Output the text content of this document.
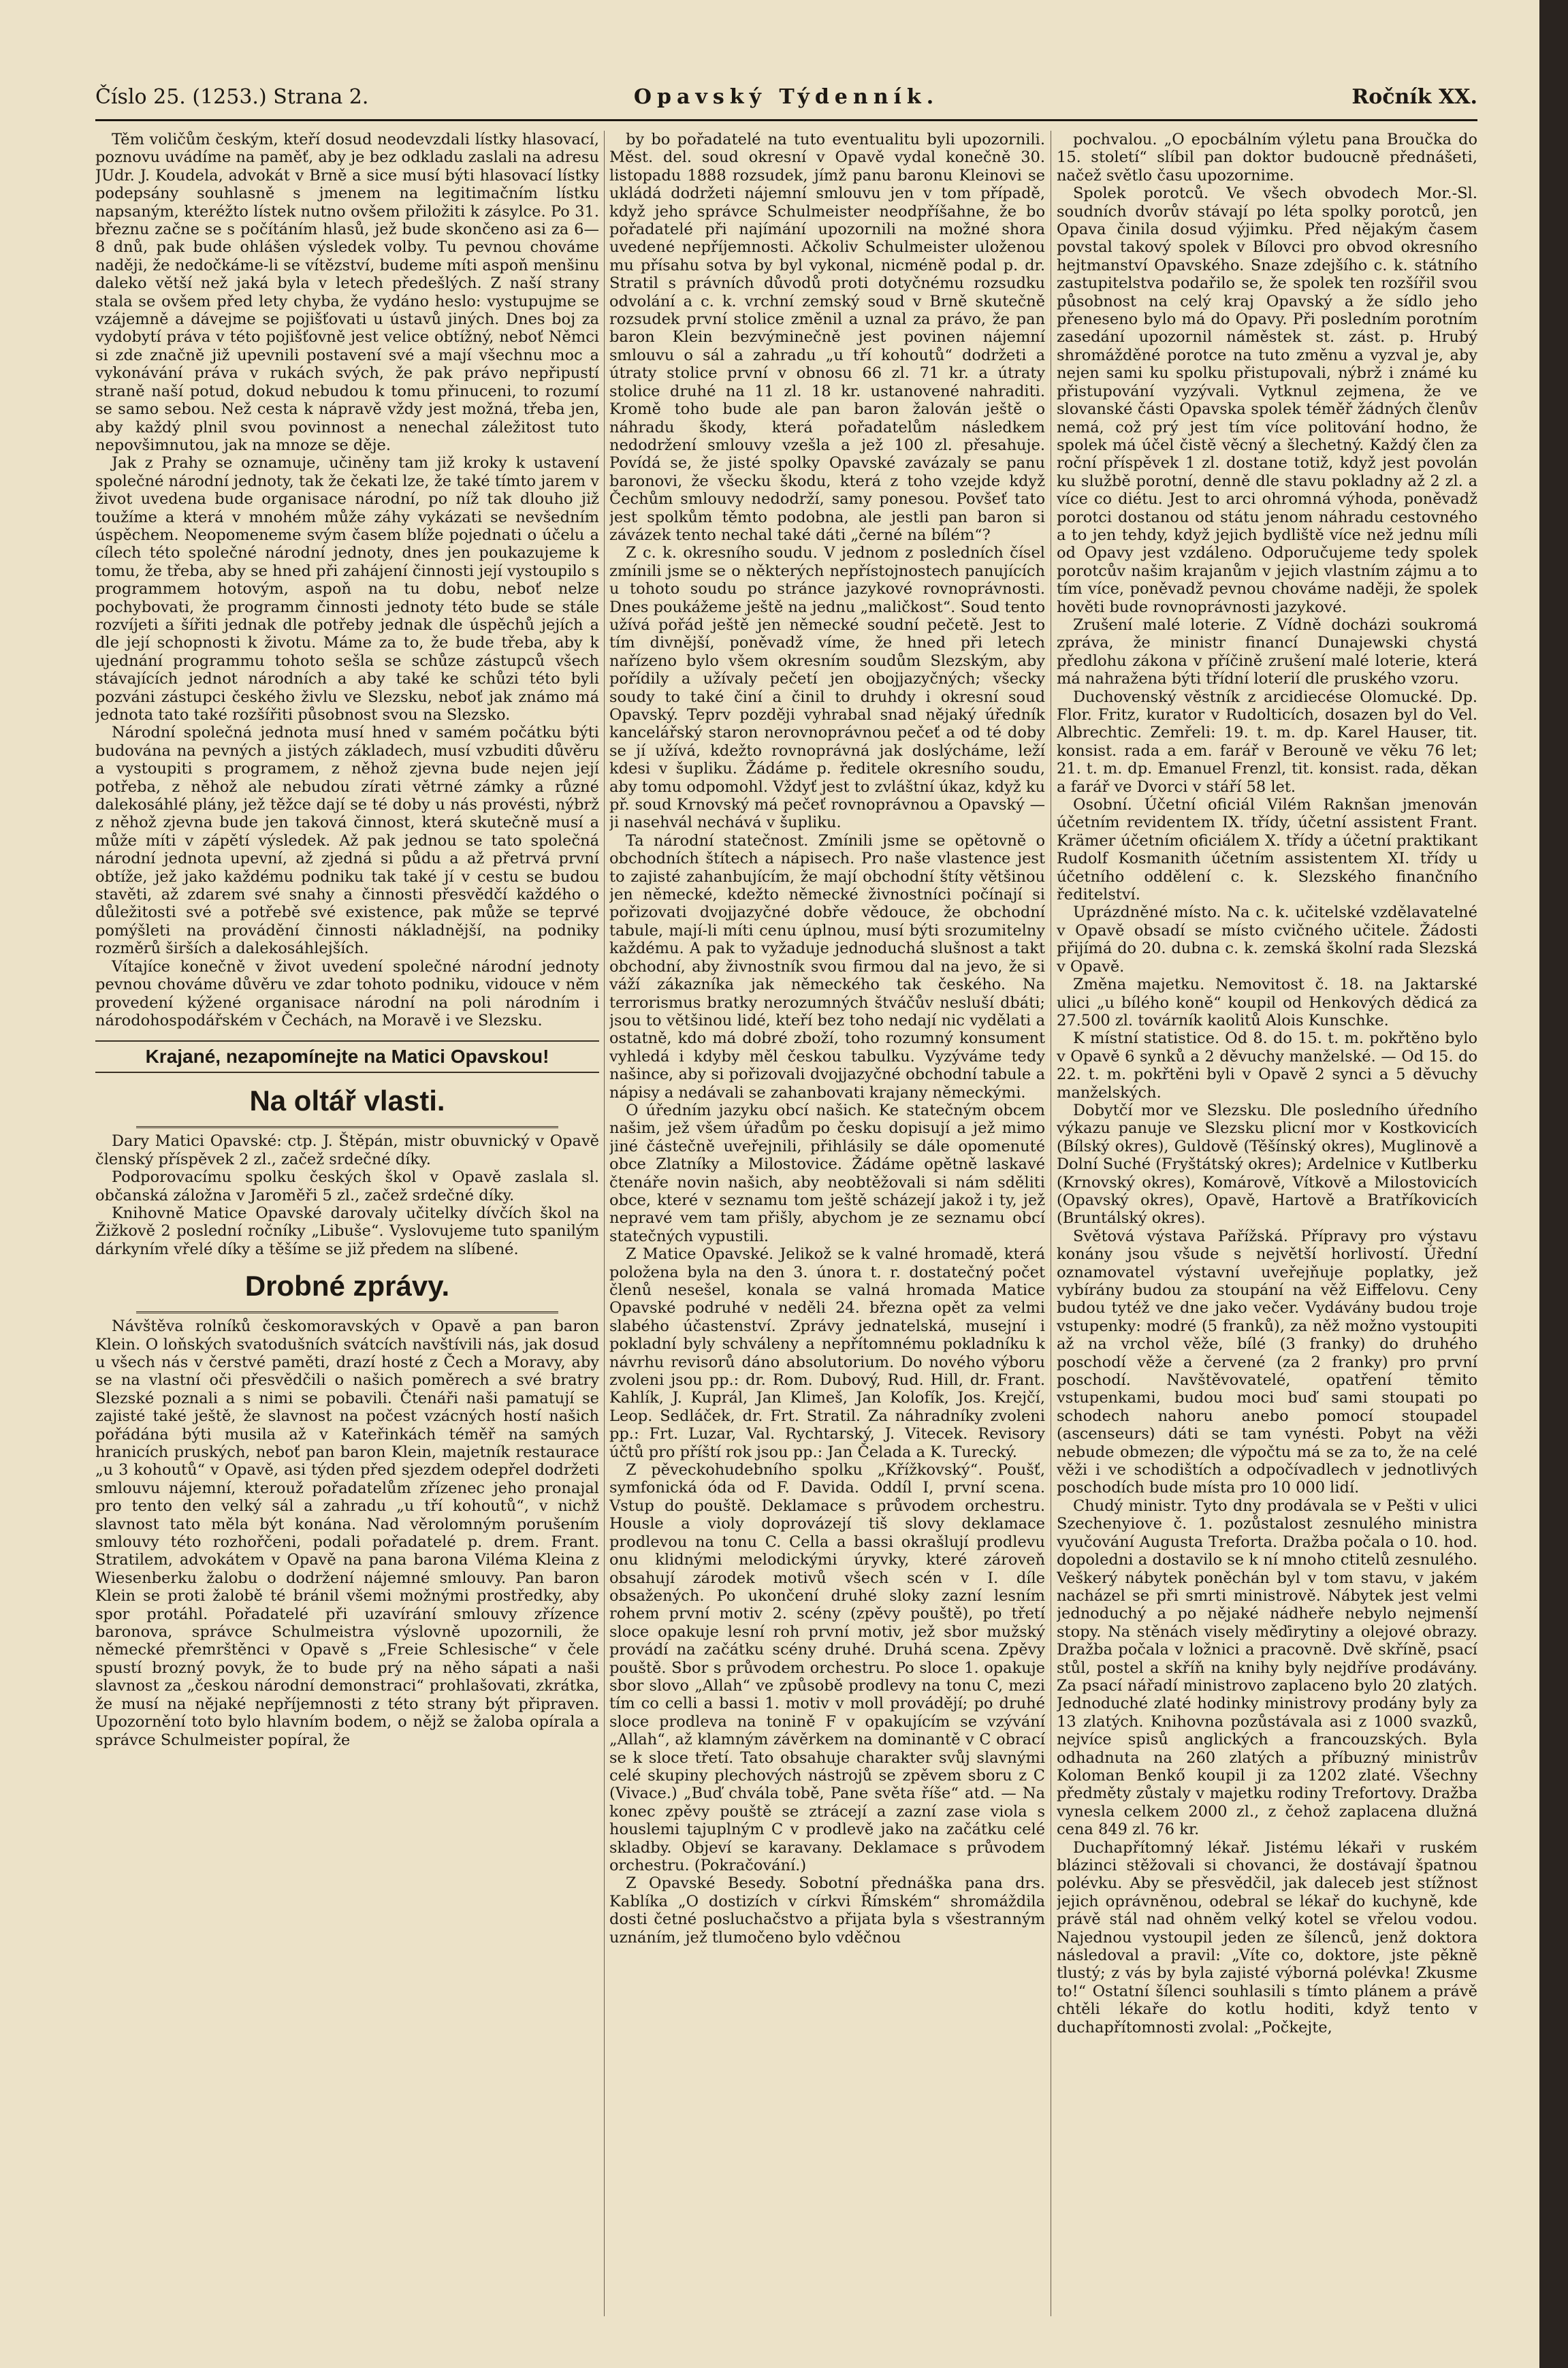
Číslo 25. (1253.) Strana 2.	Opavský Týdenník.	Ročník XX.

Těm voličům českým, kteří dosud neodevzdali lístky hlasovací, poznovu uvádíme na paměť, aby je bez odkladu zaslali na adresu JUdr. J. Koudela, advokát v Brně a sice musí býti hlasovací lístky podepsány souhlasně s jmenem na legitimačním lístku napsaným, kteréžto lístek nutno ovšem přiložiti k zásylce. Po 31. březnu začne se s počítáním hlasů, jež bude skončeno asi za 6—8 dnů, pak bude ohlášen výsledek volby. Tu pevnou chováme naději, že nedočkáme-li se vítězství, budeme míti aspoň menšinu daleko větší než jaká byla v letech předešlých. Z naší strany stala se ovšem před lety chyba, že vydáno heslo: vystupujme se vzájemně a dávejme se pojišťovati u ústavů jiných. Dnes boj za vydobytí práva v této pojišťovně jest velice obtížný, neboť Němci si zde značně již upevnili postavení své a mají všechnu moc a vykonávání práva v rukách svých, že pak právo nepřipustí straně naší potud, dokud nebudou k tomu přinuceni, to rozumí se samo sebou. Než cesta k nápravě vždy jest možná, třeba jen, aby každý plnil svou povinnost a nenechal záležitost tuto nepovšimnutou, jak na mnoze se děje.

Jak z Prahy se oznamuje, učiněny tam již kroky k ustavení společné národní jednoty, tak že čekati lze, že také tímto jarem v život uvedena bude organisace národní, po níž tak dlouho již toužíme a která v mnohém může záhy vykázati se nevšedním úspěchem. Neopomeneme svým časem blíže pojednati o účelu a cílech této společné národní jednoty, dnes jen poukazujeme k tomu, že třeba, aby se hned při zahájení činnosti její vystoupilo s programmem hotovým, aspoň na tu dobu, neboť nelze pochybovati, že programm činnosti jednoty této bude se stále rozvíjeti a šířiti jednak dle potřeby jednak dle úspěchů jejích a dle její schopnosti k životu. Máme za to, že bude třeba, aby k ujednání programmu tohoto sešla se schůze zástupců všech stávajících jednot národních a aby také ke schůzi této byli pozváni zástupci českého živlu ve Slezsku, neboť jak známo má jednota tato také rozšířiti působnost svou na Slezsko.

Národní společná jednota musí hned v samém počátku býti budována na pevných a jistých základech, musí vzbuditi důvěru a vystoupiti s programem, z něhož zjevna bude nejen její potřeba, z něhož ale nebudou zírati větrné zámky a různé dalekosáhlé plány, jež těžce dají se té doby u nás provésti, nýbrž z něhož zjevna bude jen taková činnost, která skutečně musí a může míti v zápětí výsledek. Až pak jednou se tato společná národní jednota upevní, až zjedná si půdu a až přetrvá první obtíže, jež jako každému podniku tak také jí v cestu se budou stavěti, až zdarem své snahy a činnosti přesvědčí každého o důležitosti své a potřebě své existence, pak může se teprvé pomýšleti na provádění činnosti nákladnější, na podniky rozměrů širších a dalekosáhlejších.

Vítajíce konečně v život uvedení společné národní jednoty pevnou chováme důvěru ve zdar tohoto podniku, vidouce v něm provedení kýžené organisace národní na poli národním i národohospodářském v Čechách, na Moravě i ve Slezsku.

Krajané, nezapomínejte na Matici Opavskou!
Na oltář vlasti.

Dary Matici Opavské: ctp. J. Štěpán, mistr obuvnický v Opavě členský příspěvek 2 zl., začež srdečné díky.

Podporovacímu spolku českých škol v Opavě zaslala sl. občanská záložna v Jaroměři 5 zl., začež srdečné díky.

Knihovně Matice Opavské darovaly učitelky dívčích škol na Žižkově 2 poslední ročníky „Libuše“. Vyslovujeme tuto spanilým dárkyním vřelé díky a těšíme se již předem na slíbené.

Drobné zprávy.

Návštěva rolníků českomoravských v Opavě a pan baron Klein. O loňských svatodušních svátcích navštívili nás, jak dosud u všech nás v čerstvé paměti, drazí hosté z Čech a Moravy, aby se na vlastní oči přesvědčili o našich poměrech a své bratry Slezské poznali a s nimi se pobavili. Čtenáři naši pamatují se zajisté také ještě, že slavnost na počest vzácných hostí našich pořádána býti musila až v Kateřinkách téměř na samých hranicích pruských, neboť pan baron Klein, majetník restaurace „u 3 kohoutů“ v Opavě, asi týden před sjezdem odepřel dodržeti smlouvu nájemní, kterouž pořadatelům zřízenec jeho pronajal pro tento den velký sál a zahradu „u tří kohoutů“, v nichž slavnost tato měla být konána. Nad věrolomným porušením smlouvy této rozhořčeni, podali pořadatelé p. drem. Frant. Stratilem, advokátem v Opavě na pana barona Viléma Kleina z Wiesenberku žalobu o dodržení nájemné smlouvy. Pan baron Klein se proti žalobě té bránil všemi možnými prostředky, aby spor protáhl. Pořadatelé při uzavírání smlouvy zřízence baronova, správce Schulmeistra výslovně upozornili, že německé přemrštěnci v Opavě s „Freie Schlesische“ v čele spustí brozný povyk, že to bude prý na něho sápati a naši slavnost za „českou národní demonstraci“ prohlašovati, zkrátka, že musí na nějaké nepříjemnosti z této strany být připraven. Upozornění toto bylo hlavním bodem, o nějž se žaloba opírala a správce Schulmeister popíral, že

by bo pořadatelé na tuto eventualitu byli upozornili. Měst. del. soud okresní v Opavě vydal konečně 30. listopadu 1888 rozsudek, jímž panu baronu Kleinovi se ukládá dodržeti nájemní smlouvu jen v tom případě, když jeho správce Schulmeister neodpříšahne, že bo pořadatelé při najímání upozornili na možné shora uvedené nepříjemnosti. Ačkoliv Schulmeister uloženou mu přísahu sotva by byl vykonal, nicméně podal p. dr. Stratil s právních důvodů proti dotyčnému rozsudku odvolání a c. k. vrchní zemský soud v Brně skutečně rozsudek první stolice změnil a uznal za právo, že pan baron Klein bezvýminečně jest povinen nájemní smlouvu o sál a zahradu „u tří kohoutů“ dodržeti a útraty stolice první v obnosu 66 zl. 71 kr. a útraty stolice druhé na 11 zl. 18 kr. ustanovené nahraditi. Kromě toho bude ale pan baron žalován ještě o náhradu škody, která pořadatelům následkem nedodržení smlouvy vzešla a jež 100 zl. přesahuje. Povídá se, že jisté spolky Opavské zavázaly se panu baronovi, že všecku škodu, která z toho vzejde když Čechům smlouvy nedodrží, samy ponesou. Povšeť tato jest spolkům těmto podobna, ale jestli pan baron si závázek tento nechal také dáti „černé na bílém“?

Z c. k. okresního soudu. V jednom z posledních čísel zmínili jsme se o některých nepřístojnostech panujících u tohoto soudu po stránce jazykové rovnoprávnosti. Dnes poukážeme ještě na jednu „maličkost“. Soud tento užívá pořád ještě jen německé soudní pečetě. Jest to tím divnější, poněvadž víme, že hned při letech nařízeno bylo všem okresním soudům Slezským, aby pořídily a užívaly pečetí jen obojjazyčných; všecky soudy to také činí a činil to druhdy i okresní soud Opavský. Teprv později vyhrabal snad nějaký úředník kancelářský staron nerovnoprávnou pečeť a od té doby se jí užívá, kdežto rovnoprávná jak doslýcháme, leží kdesi v šupliku. Žádáme p. ředitele okresního soudu, aby tomu odpomohl. Vždyť jest to zvláštní úkaz, když ku př. soud Krnovský má pečeť rovnoprávnou a Opavský — ji nasehvál nechává v šupliku.

Ta národní statečnost. Zmínili jsme se opětovně o obchodních štítech a nápisech. Pro naše vlastence jest to zajisté zahanbujícím, že mají obchodní štíty většinou jen německé, kdežto německé živnostníci počínají si pořizovati dvojjazyčné dobře vědouce, že obchodní tabule, mají-li míti cenu úplnou, musí býti srozumitelny každému. A pak to vyžaduje jednoduchá slušnost a takt obchodní, aby živnostník svou firmou dal na jevo, že si váží zákazníka jak německého tak českého. Na terrorismus bratky nerozumných štváčův nesluší dbáti; jsou to většinou lidé, kteří bez toho nedají nic vydělati a ostatně, kdo má dobré zboží, toho rozumný konsument vyhledá i kdyby měl českou tabulku. Vyzýváme tedy našince, aby si pořizovali dvojjazyčné obchodní tabule a nápisy a nedávali se zahanbovati krajany německými.

O úředním jazyku obcí našich. Ke statečným obcem našim, jež všem úřadům po česku dopisují a jež mimo jiné částečně uveřejnili, přihlásily se dále opomenuté obce Zlatníky a Milostovice. Žádáme opětně laskavé čtenáře novin našich, aby neobtěžovali si nám sděliti obce, které v seznamu tom ještě scházejí jakož i ty, jež nepravé vem tam přišly, abychom je ze seznamu obcí statečných vypustili.

Z Matice Opavské. Jelikož se k valné hromadě, která položena byla na den 3. února t. r. dostatečný počet členů nesešel, konala se valná hromada Matice Opavské podruhé v neděli 24. března opět za velmi slabého účastenství. Zprávy jednatelská, musejní i pokladní byly schváleny a nepřítomnému pokladníku k návrhu revisorů dáno absolutorium. Do nového výboru zvoleni jsou pp.: dr. Rom. Dubový, Rud. Hill, dr. Frant. Kahlík, J. Kuprál, Jan Klimeš, Jan Kolofík, Jos. Krejčí, Leop. Sedláček, dr. Frt. Stratil. Za náhradníky zvoleni pp.: Frt. Luzar, Val. Rychtarský, J. Vitecek. Revisory účtů pro příští rok jsou pp.: Jan Čelada a K. Turecký.

Z pěveckohudebního spolku „Křížkovský“. Poušť, symfonická óda od F. Davida. Oddíl I, první scena. Vstup do pouště. Deklamace s průvodem orchestru. Housle a violy doprovázejí tiš slovy deklamace prodlevou na tonu C. Cella a bassi okrašlují prodlevu onu klidnými melodickými úryvky, které zároveň obsahují zárodek motivů všech scén v I. díle obsažených. Po ukončení druhé sloky zazní lesním rohem první motiv 2. scény (zpěvy pouště), po třetí sloce opakuje lesní roh první motiv, jež sbor mužský provádí na začátku scény druhé. Druhá scena. Zpěvy pouště. Sbor s průvodem orchestru. Po sloce 1. opakuje sbor slovo „Allah“ ve způsobě prodlevy na tonu C, mezi tím co celli a bassi 1. motiv v moll provádějí; po druhé sloce prodleva na tonině F v opakujícím se vzývání „Allah“, až klamným závěrkem na dominantě v C obrací se k sloce třetí. Tato obsahuje charakter svůj slavnými celé skupiny plechových nástrojů se zpěvem sboru z C (Vivace.) „Buď chvála tobě, Pane světa říše“ atd. — Na konec zpěvy pouště se ztrácejí a zazní zase viola s houslemi tajuplným C v prodlevě jako na začátku celé skladby. Objeví se karavany. Deklamace s průvodem orchestru. (Pokračování.)

Z Opavské Besedy. Sobotní přednáška pana drs. Kablíka „O dostizích v církvi Římském“ shromáždila dosti četné posluchačstvo a přijata byla s všestranným uznáním, jež tlumočeno bylo vděčnou

pochvalou. „O epocbálním výletu pana Broučka do 15. století“ slíbil pan doktor budoucně přednášeti, načež světlo času upozornime.

Spolek porotců. Ve všech obvodech Mor.-Sl. soudních dvorův stávají po léta spolky porotců, jen Opava činila dosud výjimku. Před nějakým časem povstal takový spolek v Bílovci pro obvod okresního hejtmanství Opavského. Snaze zdejšího c. k. státního zastupitelstva podařilo se, že spolek ten rozšířil svou působnost na celý kraj Opavský a že sídlo jeho přeneseno bylo má do Opavy. Při posledním porotním zasedání upozornil náměstek st. zást. p. Hrubý shromážděné porotce na tuto změnu a vyzval je, aby nejen sami ku spolku přistupovali, nýbrž i známé ku přistupování vyzývali. Vytknul zejmena, že ve slovanské části Opavska spolek téměř žádných členův nemá, což prý jest tím více politování hodno, že spolek má účel čistě věcný a šlechetný. Každý člen za roční příspěvek 1 zl. dostane totiž, když jest povolán ku službě porotní, denně dle stavu pokladny až 2 zl. a více co diétu. Jest to arci ohromná výhoda, poněvadž porotci dostanou od státu jenom náhradu cestovného a to jen tehdy, když jejich bydliště více než jednu míli od Opavy jest vzdáleno. Odporučujeme tedy spolek porotcův našim krajanům v jejich vlastním zájmu a to tím více, poněvadž pevnou chováme naději, že spolek hověti bude rovnoprávnosti jazykové.

Zrušení malé loterie. Z Vídně docházi soukromá zpráva, že ministr financí Dunajewski chystá předlohu zákona v příčině zrušení malé loterie, která má nahražena býti třídní loterií dle pruského vzoru.

Duchovenský věstník z arcidiecése Olomucké. Dp. Flor. Fritz, kurator v Rudolticích, dosazen byl do Vel. Albrechtic. Zemřeli: 19. t. m. dp. Karel Hauser, tit. konsist. rada a em. farář v Berouně ve věku 76 let; 21. t. m. dp. Emanuel Frenzl, tit. konsist. rada, děkan a farář ve Dvorci v stáří 58 let.

Osobní. Účetní oficiál Vilém Raknšan jmenován účetním revidentem IX. třídy, účetní assistent Frant. Krämer účetním oficiálem X. třídy a účetní praktikant Rudolf Kosmanith účetním assistentem XI. třídy u účetního oddělení c. k. Slezského finančního ředitelství.

Uprázdněné místo. Na c. k. učitelské vzdělavatelné v Opavě obsadí se místo cvičného učitele. Žádosti přijímá do 20. dubna c. k. zemská školní rada Slezská v Opavě.

Změna majetku. Nemovitost č. 18. na Jaktarské ulici „u bílého koně“ koupil od Henkových dědicá za 27.500 zl. továrník kaolitů Alois Kunschke.

K místní statistice. Od 8. do 15. t. m. pokřtěno bylo v Opavě 6 synků a 2 děvuchy manželské. — Od 15. do 22. t. m. pokřtěni byli v Opavě 2 synci a 5 děvuchy manželských.

Dobytčí mor ve Slezsku. Dle posledního úředního výkazu panuje ve Slezsku plicní mor v Kostkovicích (Bílský okres), Guldově (Těšínský okres), Muglinově a Dolní Suché (Fryštátský okres); Ardelnice v Kutlberku (Krnovský okres), Komárově, Vítkově a Milostovicích (Opavský okres), Opavě, Hartově a Bratříkovicích (Bruntálský okres).

Světová výstava Pařížská. Přípravy pro výstavu konány jsou všude s největší horlivostí. Úřední oznamovatel výstavní uveřejňuje poplatky, jež vybírány budou za stoupání na věž Eiffelovu. Ceny budou tytéž ve dne jako večer. Vydávány budou troje vstupenky: modré (5 franků), za něž možno vystoupiti až na vrchol věže, bílé (3 franky) do druhého poschodí věže a červené (za 2 franky) pro první poschodí. Navštěvovatelé, opatření těmito vstupenkami, budou moci buď sami stoupati po schodech nahoru anebo pomocí stoupadel (ascenseurs) dáti se tam vynésti. Pobyt na věži nebude obmezen; dle výpočtu má se za to, že na celé věži i ve schodištích a odpočívadlech v jednotlivých poschodích bude místa pro 10 000 lidí.

Chudý ministr. Tyto dny prodávala se v Pešti v ulici Szechenyiove č. 1. pozůstalost zesnulého ministra vyučování Augusta Treforta. Dražba počala o 10. hod. dopoledni a dostavilo se k ní mnoho ctitelů zesnulého. Veškerý nábytek poněchán byl v tom stavu, v jakém nacházel se při smrti ministrově. Nábytek jest velmi jednoduchý a po nějaké nádheře nebylo nejmenší stopy. Na stěnách visely měďirytiny a olejové obrazy. Dražba počala v ložnici a pracovně. Dvě skříně, psací stůl, postel a skříň na knihy byly nejdříve prodávány. Za psací nářadí ministrovo zaplaceno bylo 20 zlatých. Jednoduché zlaté hodinky ministrovy prodány byly za 13 zlatých. Knihovna pozůstávala asi z 1000 svazků, nejvíce spisů anglických a francouzských. Byla odhadnuta na 260 zlatých a příbuzný ministrův Koloman Benkő koupil ji za 1202 zlaté. Všechny předměty zůstaly v majetku rodiny Trefortovy. Dražba vynesla celkem 2000 zl., z čehož zaplacena dlužná cena 849 zl. 76 kr.

Duchapřítomný lékař. Jistému lékaři v ruském blázinci stěžovali si chovanci, že dostávají špatnou polévku. Aby se přesvědčil, jak daleceb jest stížnost jejich oprávněnou, odebral se lékař do kuchyně, kde právě stál nad ohněm velký kotel se vřelou vodou. Najednou vystoupil jeden ze šílenců, jenž doktora následoval a pravil: „Víte co, doktore, jste pěkně tlustý; z vás by byla zajisté výborná polévka! Zkusme to!“ Ostatní šílenci souhlasili s tímto plánem a právě chtěli lékaře do kotlu hoditi, když tento v duchapřítomnosti zvolal: „Počkejte,
